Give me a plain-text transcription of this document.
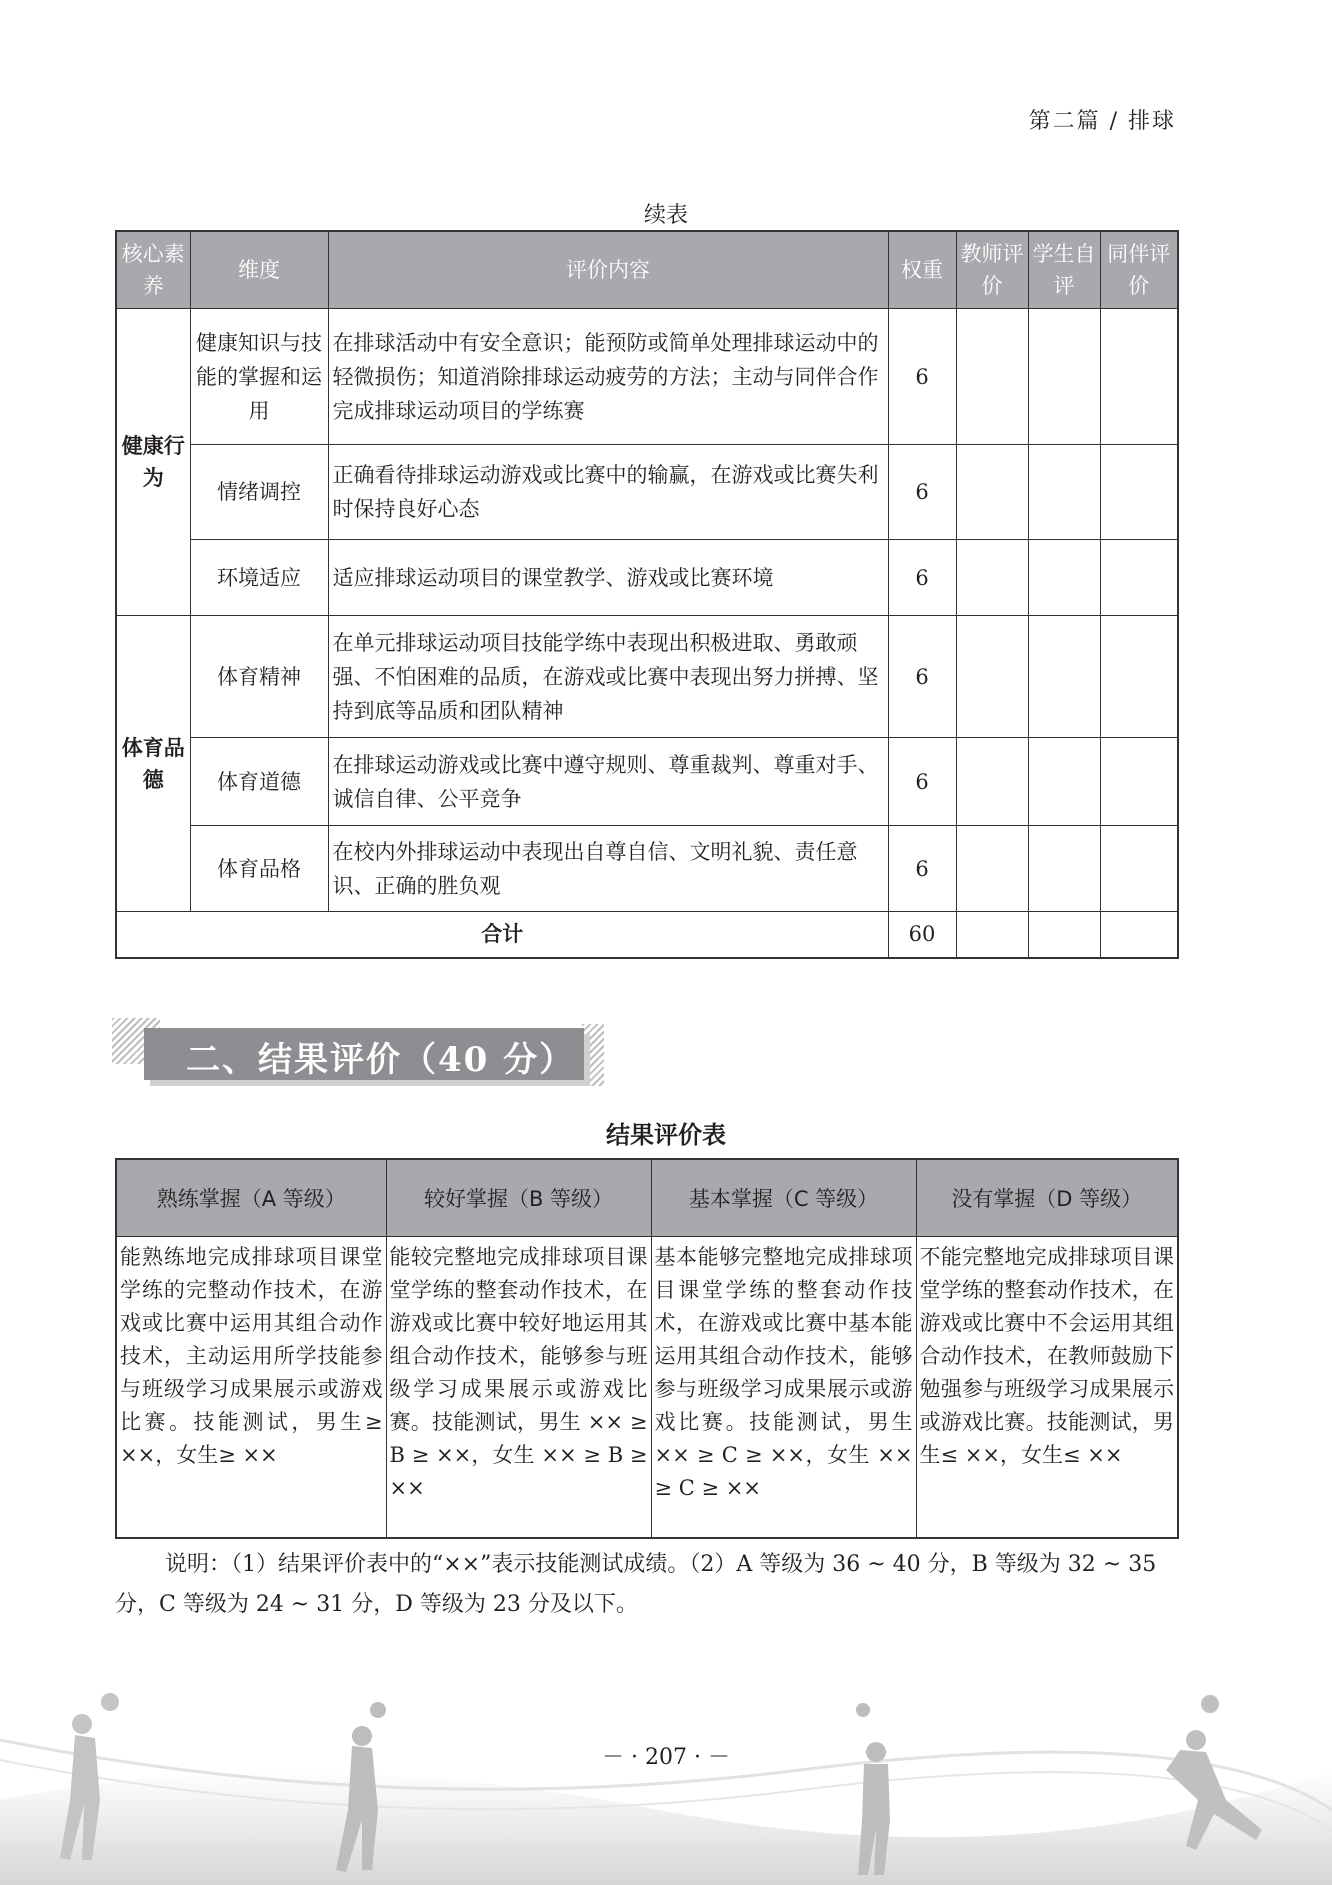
第二篇 / 排球
续表
核心素养	维度	评价内容	权重	教师评价	学生自评	同伴评价
健康行为	健康知识与技能的掌握和运用	在排球活动中有安全意识；能预防或简单处理排球运动中的轻微损伤；知道消除排球运动疲劳的方法；主动与同伴合作完成排球运动项目的学练赛	6			
	情绪调控	正确看待排球运动游戏或比赛中的输赢，在游戏或比赛失利时保持良好心态	6			
	环境适应	适应排球运动项目的课堂教学、游戏或比赛环境	6			
体育品德	体育精神	在单元排球运动项目技能学练中表现出积极进取、勇敢顽强、不怕困难的品质，在游戏或比赛中表现出努力拼搏、坚持到底等品质和团队精神	6			
	体育道德	在排球运动游戏或比赛中遵守规则、尊重裁判、尊重对手、诚信自律、公平竞争	6			
	体育品格	在校内外排球运动中表现出自尊自信、文明礼貌、责任意识、正确的胜负观	6			
合计			60			
二、结果评价（40 分）
结果评价表
熟练掌握（A 等级）	较好掌握（B 等级）	基本掌握（C 等级）	没有掌握（D 等级）
能熟练地完成排球项目课堂学练的完整动作技术，在游戏或比赛中运用其组合动作技术，主动运用所学技能参与班级学习成果展示或游戏比赛。技能测试，男生≥ ××，女生≥ ××	能较完整地完成排球项目课堂学练的整套动作技术，在游戏或比赛中较好地运用其组合动作技术，能够参与班级学习成果展示或游戏比赛。技能测试，男生 ×× ≥ B ≥ ××，女生 ×× ≥ B ≥ ××	基本能够完整地完成排球项目课堂学练的整套动作技术，在游戏或比赛中基本能运用其组合动作技术，能够参与班级学习成果展示或游戏比赛。技能测试，男生 ×× ≥ C ≥ ××，女生 ×× ≥ C ≥ ××	不能完整地完成排球项目课堂学练的整套动作技术，在游戏或比赛中不会运用其组合动作技术，在教师鼓励下勉强参与班级学习成果展示或游戏比赛。技能测试，男生≤ ××，女生≤ ××
说明：（1）结果评价表中的“××”表示技能测试成绩。（2）A 等级为 36 ~ 40 分，B 等级为 32 ~ 35 分，C 等级为 24 ~ 31 分，D 等级为 23 分及以下。
－ · 207 · －
